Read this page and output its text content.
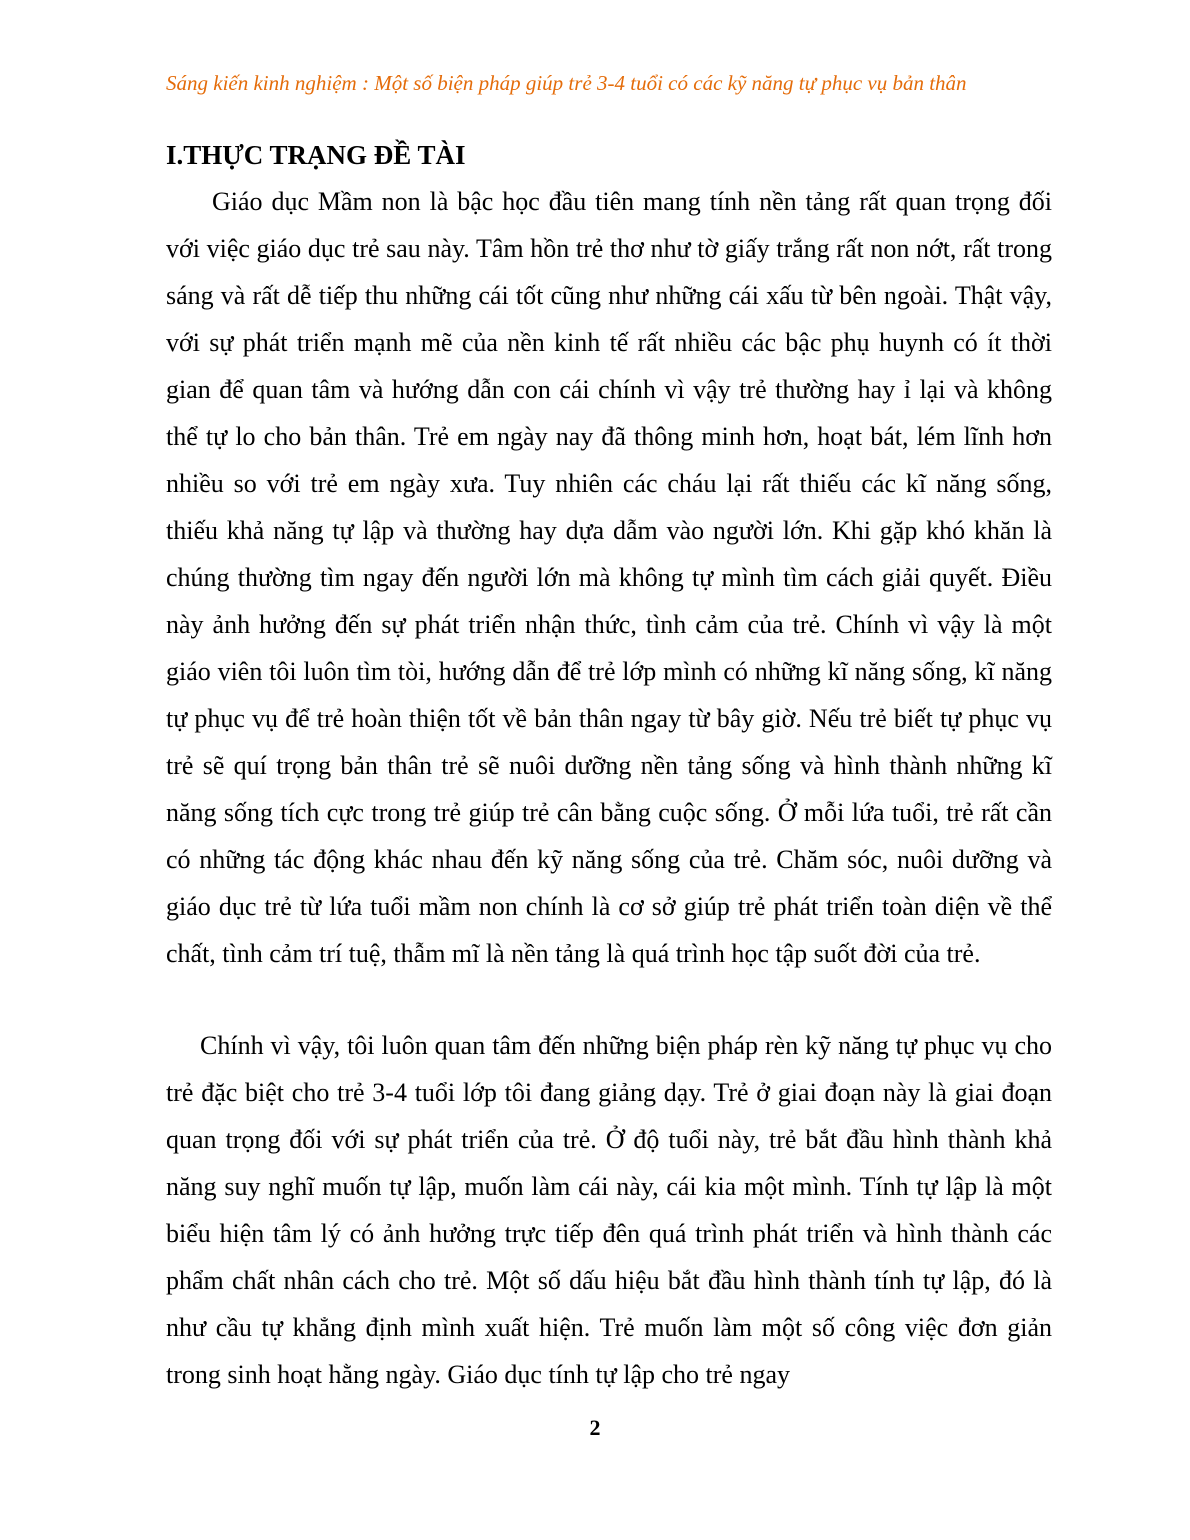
Sáng kiến kinh nghiệm : Một số biện pháp giúp trẻ 3-4 tuổi có các kỹ năng tự phục vụ bản thân
I.THỰC TRẠNG ĐỀ TÀI

Giáo dục Mầm non là bậc học đầu tiên mang tính nền tảng rất quan trọng đối với việc giáo dục trẻ sau này. Tâm hồn trẻ thơ như tờ giấy trắng rất non nớt, rất trong sáng và rất dễ tiếp thu những cái tốt cũng như những cái xấu từ bên ngoài. Thật vậy, với sự phát triển mạnh mẽ của nền kinh tế rất nhiều các bậc phụ huynh có ít thời gian để quan tâm và hướng dẫn con cái chính vì vậy trẻ thường hay ỉ lại và không thể tự lo cho bản thân. Trẻ em ngày nay đã thông minh hơn, hoạt bát, lém lĩnh hơn nhiều so với trẻ em ngày xưa. Tuy nhiên các cháu lại rất thiếu các kĩ năng sống, thiếu khả năng tự lập và thường hay dựa dẫm vào người lớn. Khi gặp khó khăn là chúng thường tìm ngay đến người lớn mà không tự mình tìm cách giải quyết. Điều này ảnh hưởng đến sự phát triển nhận thức, tình cảm của trẻ. Chính vì vậy là một giáo viên tôi luôn tìm tòi, hướng dẫn để trẻ lớp mình có những kĩ năng sống, kĩ năng tự phục vụ để trẻ hoàn thiện tốt về bản thân ngay từ bây giờ. Nếu trẻ biết tự phục vụ trẻ sẽ quí trọng bản thân trẻ sẽ nuôi dưỡng nền tảng sống và hình thành những kĩ năng sống tích cực trong trẻ giúp trẻ cân bằng cuộc sống. Ở mỗi lứa tuổi, trẻ rất cần có những tác động khác nhau đến kỹ năng sống của trẻ. Chăm sóc, nuôi dưỡng và giáo dục trẻ từ lứa tuổi mầm non chính là cơ sở giúp trẻ phát triển toàn diện về thể chất, tình cảm trí tuệ, thẫm mĩ là nền tảng là quá trình học tập suốt đời của trẻ.

Chính vì vậy, tôi luôn quan tâm đến những biện pháp rèn kỹ năng tự phục vụ cho trẻ đặc biệt cho trẻ 3-4 tuổi lớp tôi đang giảng dạy. Trẻ ở giai đoạn này là giai đoạn quan trọng đối với sự phát triển của trẻ. Ở độ tuổi này, trẻ bắt đầu hình thành khả năng suy nghĩ muốn tự lập, muốn làm cái này, cái kia một mình. Tính tự lập là một biểu hiện tâm lý có ảnh hưởng trực tiếp đên quá trình phát triển và hình thành các phẩm chất nhân cách cho trẻ. Một số dấu hiệu bắt đầu hình thành tính tự lập, đó là như cầu tự khẳng định mình xuất hiện. Trẻ muốn làm một số công việc đơn giản trong sinh hoạt hằng ngày. Giáo dục tính tự lập cho trẻ ngay

2
